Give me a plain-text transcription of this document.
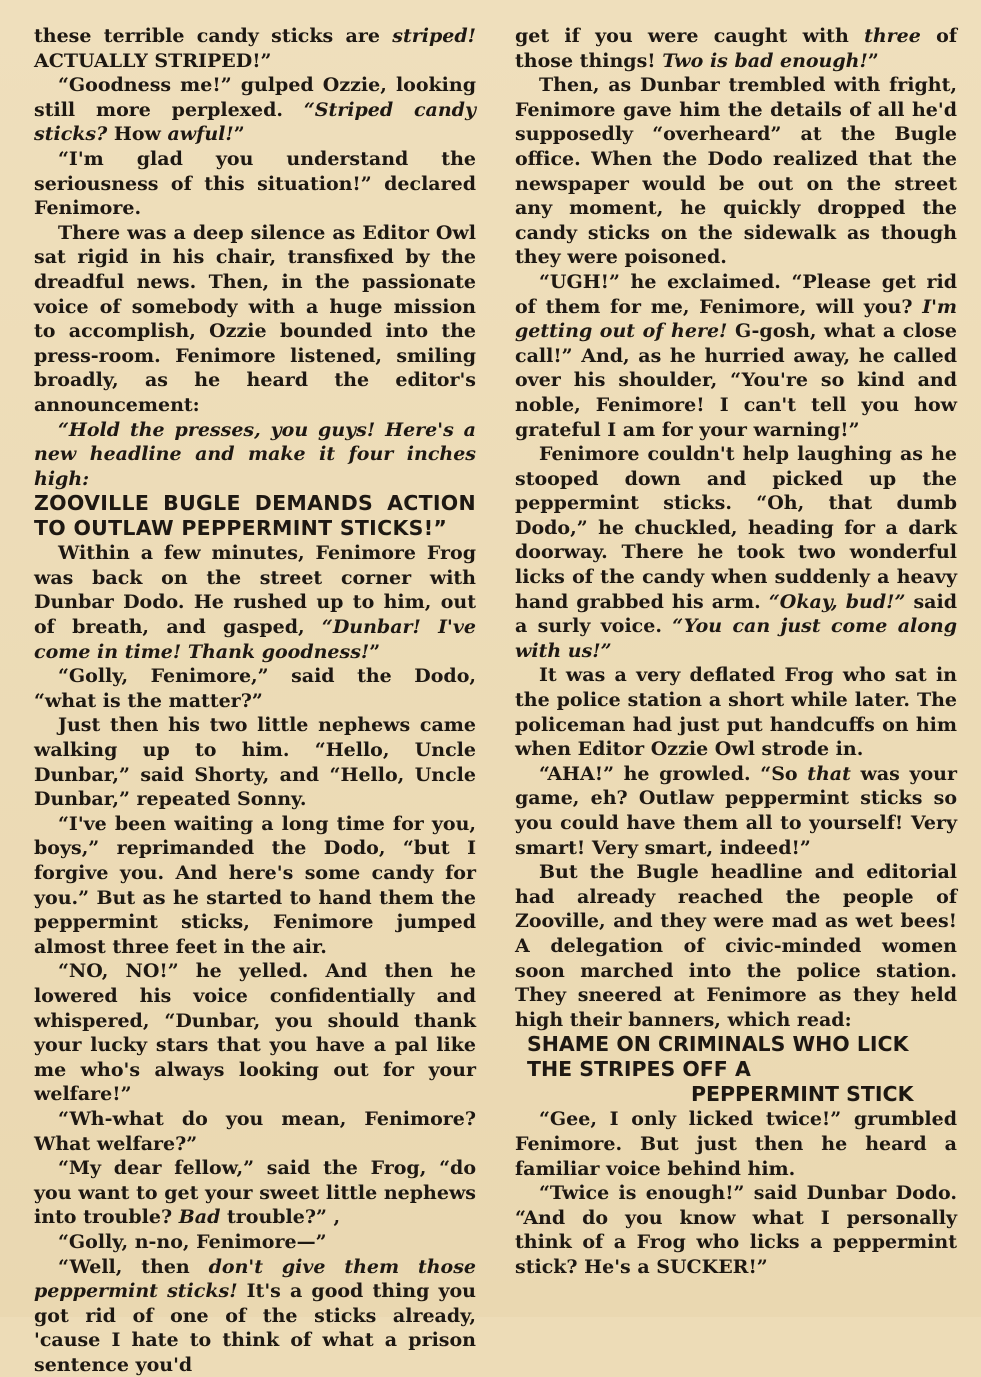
these terrible candy sticks are striped! ACTUALLY STRIPED!”

“Goodness me!” gulped Ozzie, looking still more perplexed. “Striped candy sticks? How awful!”

“I'm glad you understand the seriousness of this situation!” declared Fenimore.

There was a deep silence as Editor Owl sat rigid in his chair, transfixed by the dreadful news. Then, in the passionate voice of somebody with a huge mission to accomplish, Ozzie bounded into the press-room. Fenimore listened, smiling broadly, as he heard the editor's announcement:

“Hold the presses, you guys! Here's a new headline and make it four inches high:

ZOOVILLE BUGLE DEMANDS ACTION TO OUTLAW PEPPERMINT STICKS!”

Within a few minutes, Fenimore Frog was back on the street corner with Dunbar Dodo. He rushed up to him, out of breath, and gasped, “Dunbar! I've come in time! Thank goodness!”

“Golly, Fenimore,” said the Dodo, “what is the matter?”

Just then his two little nephews came walking up to him. “Hello, Uncle Dunbar,” said Shorty, and “Hello, Uncle Dunbar,” repeated Sonny.

“I've been waiting a long time for you, boys,” reprimanded the Dodo, “but I forgive you. And here's some candy for you.” But as he started to hand them the peppermint sticks, Fenimore jumped almost three feet in the air.

“NO, NO!” he yelled. And then he lowered his voice confidentially and whispered, “Dunbar, you should thank your lucky stars that you have a pal like me who's always looking out for your welfare!”

“Wh-what do you mean, Fenimore? What welfare?”

“My dear fellow,” said the Frog, “do you want to get your sweet little nephews into trouble? Bad trouble?” ,

“Golly, n-no, Fenimore—”

“Well, then don't give them those peppermint sticks! It's a good thing you got rid of one of the sticks already, 'cause I hate to think of what a prison sentence you'd

get if you were caught with three of those things! Two is bad enough!”

Then, as Dunbar trembled with fright, Fenimore gave him the details of all he'd supposedly “overheard” at the Bugle office. When the Dodo realized that the newspaper would be out on the street any moment, he quickly dropped the candy sticks on the sidewalk as though they were poisoned.

“UGH!” he exclaimed. “Please get rid of them for me, Fenimore, will you? I'm getting out of here! G-gosh, what a close call!” And, as he hurried away, he called over his shoulder, “You're so kind and noble, Fenimore! I can't tell you how grateful I am for your warning!”

Fenimore couldn't help laughing as he stooped down and picked up the peppermint sticks. “Oh, that dumb Dodo,” he chuckled, heading for a dark doorway. There he took two wonderful licks of the candy when suddenly a heavy hand grabbed his arm. “Okay, bud!” said a surly voice. “You can just come along with us!”

It was a very deflated Frog who sat in the police station a short while later. The policeman had just put handcuffs on him when Editor Ozzie Owl strode in.

“AHA!” he growled. “So that was your game, eh? Outlaw peppermint sticks so you could have them all to yourself! Very smart! Very smart, indeed!”

But the Bugle headline and editorial had already reached the people of Zooville, and they were mad as wet bees! A delegation of civic-minded women soon marched into the police station. They sneered at Fenimore as they held high their banners, which read:

SHAME ON CRIMINALS WHO LICK

THE STRIPES OFF A

PEPPERMINT STICK

“Gee, I only licked twice!” grumbled Fenimore. But just then he heard a familiar voice behind him.

“Twice is enough!” said Dunbar Dodo. “And do you know what I personally think of a Frog who licks a peppermint stick? He's a SUCKER!”
